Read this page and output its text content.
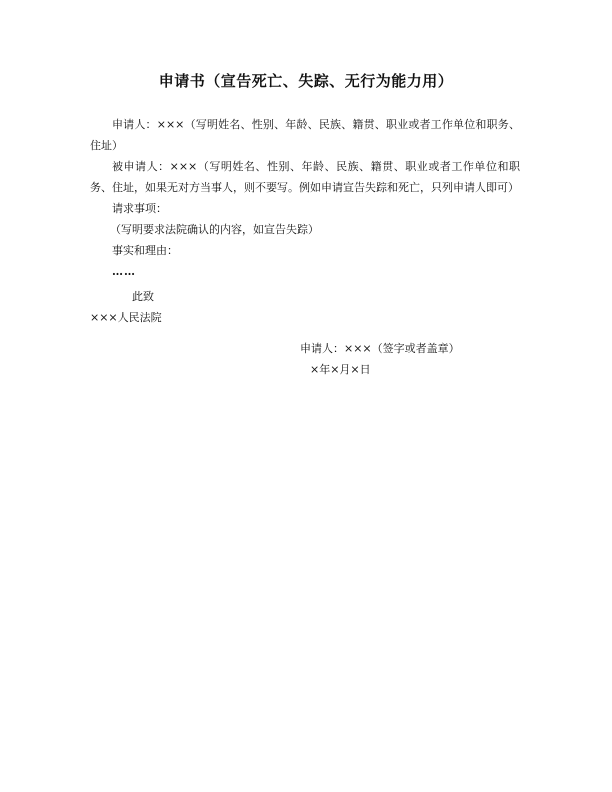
申请书（宣告死亡、失踪、无行为能力用）

申请人：×××（写明姓名、性别、年龄、民族、籍贯、职业或者工作单位和职务、住址）

被申请人：×××（写明姓名、性别、年龄、民族、籍贯、职业或者工作单位和职务、住址，如果无对方当事人，则不要写。例如申请宣告失踪和死亡，只列申请人即可）

请求事项：

（写明要求法院确认的内容，如宣告失踪）

事实和理由：

……

此致

×××人民法院

申请人：×××（签字或者盖章）
×年×月×日
